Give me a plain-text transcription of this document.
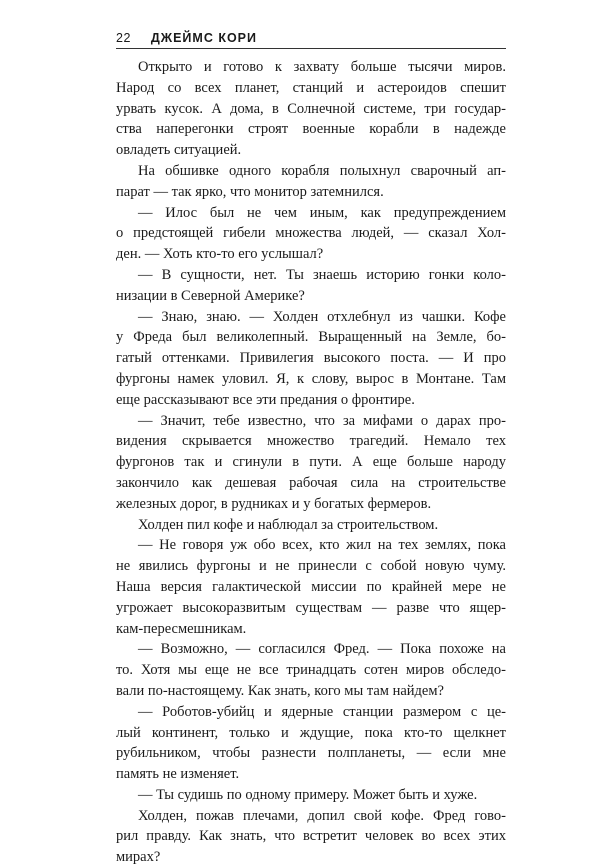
22 ДЖЕЙМС КОРИ
Открыто и готово к захвату больше тысячи миров.
Народ со всех планет, станций и астероидов спешит
урвать кусок. А дома, в Солнечной системе, три государ-
ства наперегонки строят военные корабли в надежде
овладеть ситуацией.
На обшивке одного корабля полыхнул сварочный ап-
парат — так ярко, что монитор затемнился.
— Илос был не чем иным, как предупреждением
о предстоящей гибели множества людей, — сказал Хол-
ден. — Хоть кто-то его услышал?
— В сущности, нет. Ты знаешь историю гонки коло-
низации в Северной Америке?
— Знаю, знаю. — Холден отхлебнул из чашки. Кофе
у Фреда был великолепный. Выращенный на Земле, бо-
гатый оттенками. Привилегия высокого поста. — И про
фургоны намек уловил. Я, к слову, вырос в Монтане. Там
еще рассказывают все эти предания о фронтире.
— Значит, тебе известно, что за мифами о дарах про-
видения скрывается множество трагедий. Немало тех
фургонов так и сгинули в пути. А еще больше народу
закончило как дешевая рабочая сила на строительстве
железных дорог, в рудниках и у богатых фермеров.
Холден пил кофе и наблюдал за строительством.
— Не говоря уж обо всех, кто жил на тех землях, пока
не явились фургоны и не принесли с собой новую чуму.
Наша версия галактической миссии по крайней мере не
угрожает высокоразвитым существам — разве что ящер-
кам-пересмешникам.
— Возможно, — согласился Фред. — Пока похоже на
то. Хотя мы еще не все тринадцать сотен миров обследо-
вали по-настоящему. Как знать, кого мы там найдем?
— Роботов-убийц и ядерные станции размером с це-
лый континент, только и ждущие, пока кто-то щелкнет
рубильником, чтобы разнести полпланеты, — если мне
память не изменяет.
— Ты судишь по одному примеру. Может быть и хуже.
Холден, пожав плечами, допил свой кофе. Фред гово-
рил правду. Как знать, что встретит человек во всех этих
мирах?
